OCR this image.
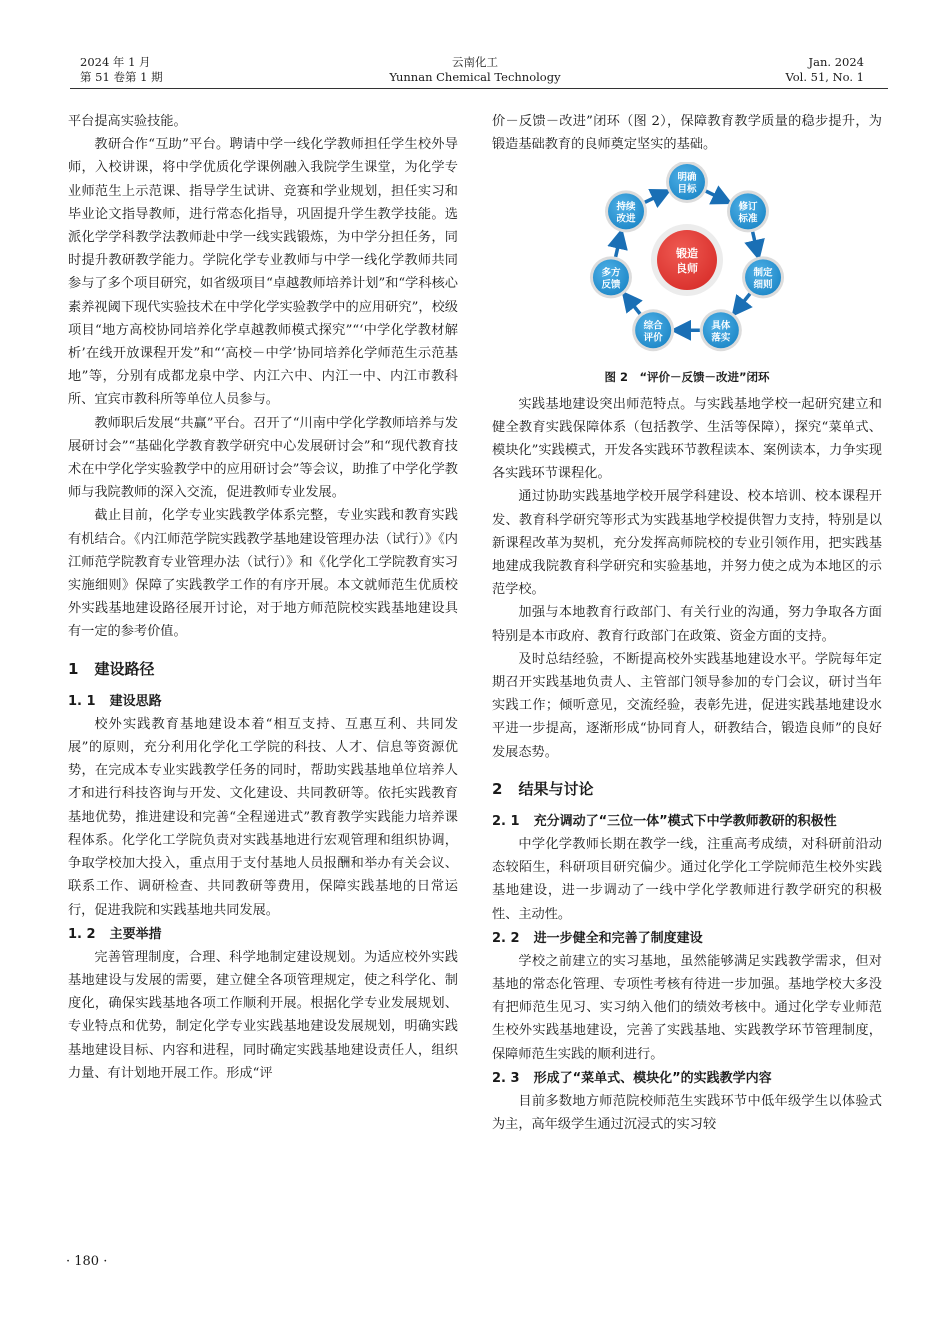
2024 年 1 月
第 51 卷第 1 期
云南化工
Yunnan Chemical Technology
Jan. 2024
Vol. 51, No. 1

平台提高实验技能。

教研合作“互助”平台。聘请中学一线化学教师担任学生校外导师，入校讲课，将中学优质化学课例融入我院学生课堂，为化学专业师范生上示范课、指导学生试讲、竞赛和学业规划，担任实习和毕业论文指导教师，进行常态化指导，巩固提升学生教学技能。选派化学学科教学法教师赴中学一线实践锻炼，为中学分担任务，同时提升教研教学能力。学院化学专业教师与中学一线化学教师共同参与了多个项目研究，如省级项目“卓越教师培养计划”和“学科核心素养视阈下现代实验技术在中学化学实验教学中的应用研究”，校级项目“地方高校协同培养化学卓越教师模式探究”“‘中学化学教材解析’在线开放课程开发”和“‘高校－中学’协同培养化学师范生示范基地”等，分别有成都龙泉中学、内江六中、内江一中、内江市教科所、宜宾市教科所等单位人员参与。

教师职后发展“共赢”平台。召开了“川南中学化学教师培养与发展研讨会”“基础化学教育教学研究中心发展研讨会”和“现代教育技术在中学化学实验教学中的应用研讨会”等会议，助推了中学化学教师与我院教师的深入交流，促进教师专业发展。

截止目前，化学专业实践教学体系完整，专业实践和教育实践有机结合。《内江师范学院实践教学基地建设管理办法（试行）》《内江师范学院教育专业管理办法（试行）》和《化学化工学院教育实习实施细则》保障了实践教学工作的有序开展。本文就师范生优质校外实践基地建设路径展开讨论，对于地方师范院校实践基地建设具有一定的参考价值。

1 建设路径
1. 1 建设思路

校外实践教育基地建设本着“相互支持、互惠互利、共同发展”的原则，充分利用化学化工学院的科技、人才、信息等资源优势，在完成本专业实践教学任务的同时，帮助实践基地单位培养人才和进行科技咨询与开发、文化建设、共同教研等。依托实践教育基地优势，推进建设和完善“全程递进式”教育教学实践能力培养课程体系。化学化工学院负责对实践基地进行宏观管理和组织协调，争取学校加大投入，重点用于支付基地人员报酬和举办有关会议、联系工作、调研检查、共同教研等费用，保障实践基地的日常运行，促进我院和实践基地共同发展。

1. 2 主要举措

完善管理制度，合理、科学地制定建设规划。为适应校外实践基地建设与发展的需要，建立健全各项管理规定，使之科学化、制度化，确保实践基地各项工作顺利开展。根据化学专业发展规划、专业特点和优势，制定化学专业实践基地建设发展规划，明确实践基地建设目标、内容和进程，同时确定实践基地建设责任人，组织力量、有计划地开展工作。形成“评

价－反馈－改进”闭环（图 2），保障教育教学质量的稳步提升，为锻造基础教育的良师奠定坚实的基础。

锻造
良师
明确
目标
修订
标准
制定
细则
具体
落实
综合
评价
多方
反馈
持续
改进
图 2　“评价－反馈－改进”闭环

实践基地建设突出师范特点。与实践基地学校一起研究建立和健全教育实践保障体系（包括教学、生活等保障），探究“菜单式、模块化”实践模式，开发各实践环节教程读本、案例读本，力争实现各实践环节课程化。

通过协助实践基地学校开展学科建设、校本培训、校本课程开发、教育科学研究等形式为实践基地学校提供智力支持，特别是以新课程改革为契机，充分发挥高师院校的专业引领作用，把实践基地建成我院教育科学研究和实验基地，并努力使之成为本地区的示范学校。

加强与本地教育行政部门、有关行业的沟通，努力争取各方面特别是本市政府、教育行政部门在政策、资金方面的支持。

及时总结经验，不断提高校外实践基地建设水平。学院每年定期召开实践基地负责人、主管部门领导参加的专门会议，研讨当年实践工作；倾听意见，交流经验，表彰先进，促进实践基地建设水平进一步提高，逐渐形成“协同育人，研教结合，锻造良师”的良好发展态势。

2 结果与讨论
2. 1 充分调动了“三位一体”模式下中学教师教研的积极性

中学化学教师长期在教学一线，注重高考成绩，对科研前沿动态较陌生，科研项目研究偏少。通过化学化工学院师范生校外实践基地建设，进一步调动了一线中学化学教师进行教学研究的积极性、主动性。

2. 2 进一步健全和完善了制度建设

学校之前建立的实习基地，虽然能够满足实践教学需求，但对基地的常态化管理、专项性考核有待进一步加强。基地学校大多没有把师范生见习、实习纳入他们的绩效考核中。通过化学专业师范生校外实践基地建设，完善了实践基地、实践教学环节管理制度，保障师范生实践的顺利进行。

2. 3 形成了“菜单式、模块化”的实践教学内容

目前多数地方师范院校师范生实践环节中低年级学生以体验式为主，高年级学生通过沉浸式的实习较

· 180 ·
